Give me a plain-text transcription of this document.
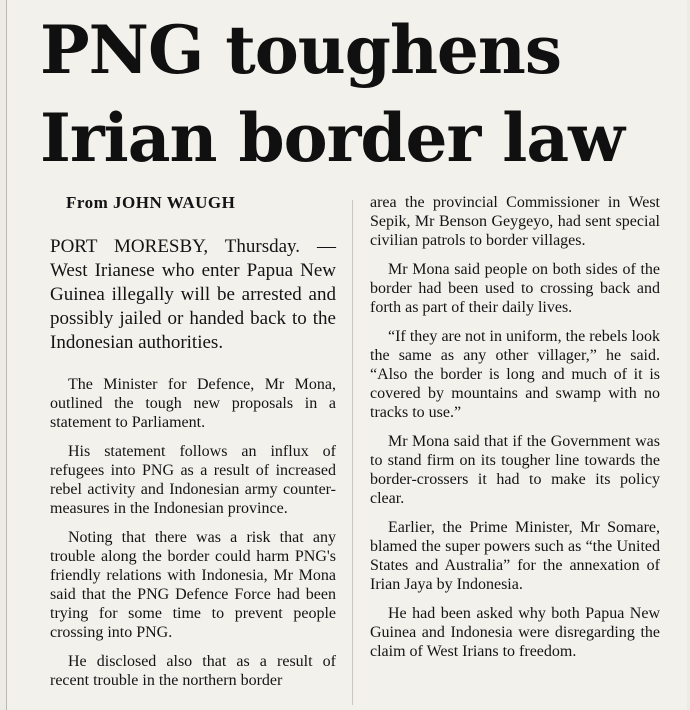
PNG toughens
Irian border law
From JOHN WAUGH

PORT MORESBY, Thursday. —West Irianese who enter Papua New Guinea illegally will be arrested and possibly jailed or handed back to the Indonesian authorities.

The Minister for Defence, Mr Mona, outlined the tough new proposals in a statement to Parliament.

His statement follows an influx of refugees into PNG as a result of increased rebel activity and Indonesian army counter-measures in the Indonesian province.

Noting that there was a risk that any trouble along the border could harm PNG's friendly relations with Indonesia, Mr Mona said that the PNG Defence Force had been trying for some time to prevent people crossing into PNG.

He disclosed also that as a result of recent trouble in the northern border

area the provincial Commissioner in West Sepik, Mr Benson Geygeyo, had sent special civilian patrols to border villages.

Mr Mona said people on both sides of the border had been used to crossing back and forth as part of their daily lives.

“If they are not in uniform, the rebels look the same as any other villager,” he said. “Also the border is long and much of it is covered by mountains and swamp with no tracks to use.”

Mr Mona said that if the Government was to stand firm on its tougher line towards the border-crossers it had to make its policy clear.

Earlier, the Prime Minister, Mr Somare, blamed the super powers such as “the United States and Australia” for the annexation of Irian Jaya by Indonesia.

He had been asked why both Papua New Guinea and Indonesia were disregarding the claim of West Irians to freedom.
